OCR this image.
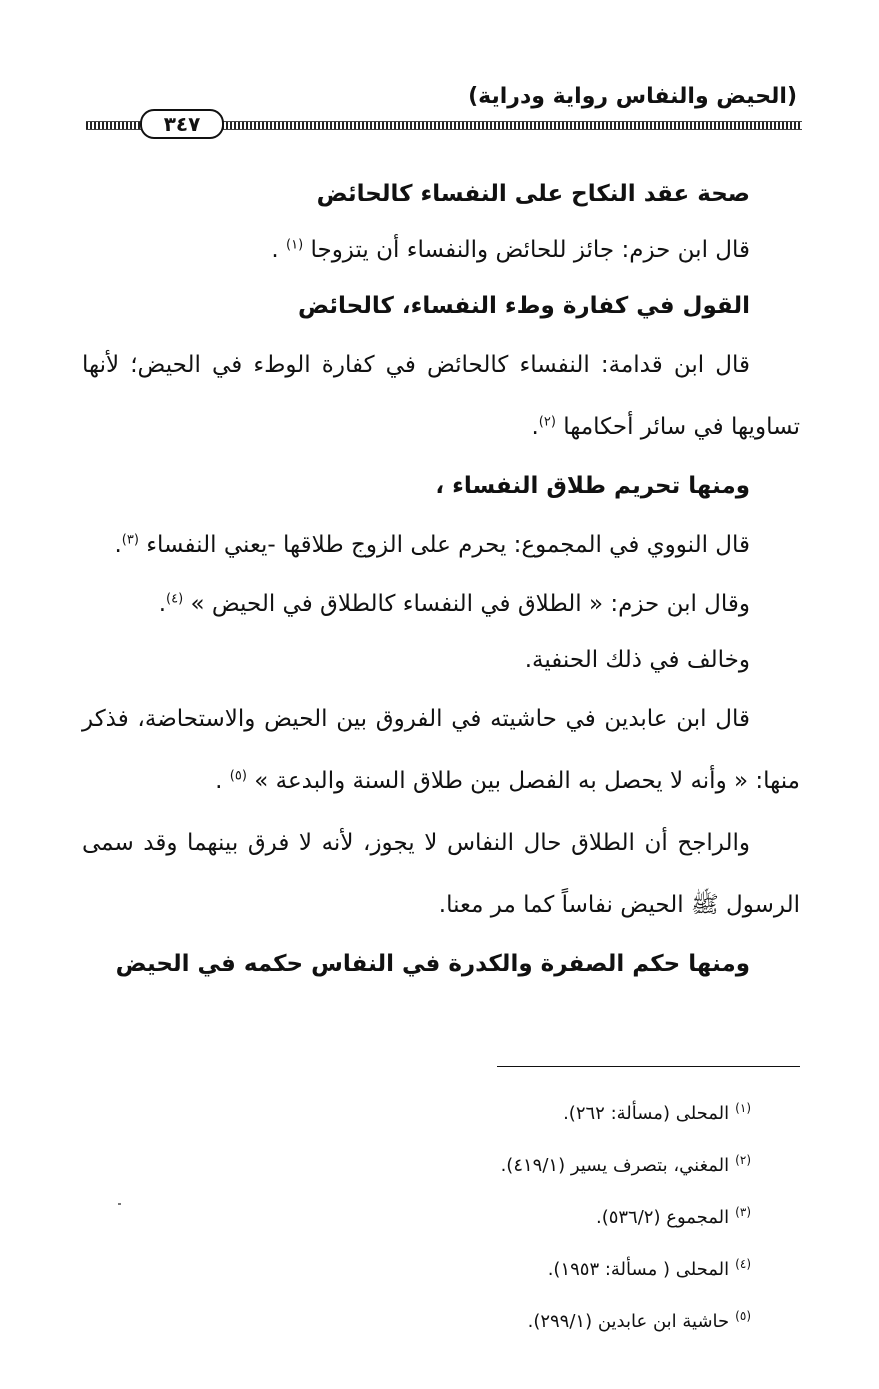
(الحيض والنفاس رواية ودراية)
٣٤٧
صحة عقد النكاح على النفساء كالحائض
قال ابن حزم: جائز للحائض والنفساء أن يتزوجا $^{(١)}$ .
القول في كفارة وطء النفساء، كالحائض
قال ابن قدامة: النفساء كالحائض في كفارة الوطء في الحيض؛ لأنها تساويها في سائر أحكامها $^{(٢)}$.
ومنها تحريم طلاق النفساء ،
قال النووي في المجموع: يحرم على الزوج طلاقها -يعني النفساء $^{(٣)}$.
وقال ابن حزم: « الطلاق في النفساء كالطلاق في الحيض » $^{(٤)}$.
وخالف في ذلك الحنفية.
قال ابن عابدين في حاشيته في الفروق بين الحيض والاستحاضة، فذكر منها: « وأنه لا يحصل به الفصل بين طلاق السنة والبدعة » $^{(٥)}$ .
والراجح أن الطلاق حال النفاس لا يجوز، لأنه لا فرق بينهما وقد سمى الرسول ﷺ الحيض نفاساً كما مر معنا.
ومنها حكم الصفرة والكدرة في النفاس حكمه في الحيض
$^{(١)}$المحلى (مسألة: ٢٦٢).
$^{(٢)}$المغني، بتصرف يسير (٤١٩/١).
$^{(٣)}$المجموع (٥٣٦/٢).
$^{(٤)}$المحلى ( مسألة: ١٩٥٣).
$^{(٥)}$حاشية ابن عابدين (٢٩٩/١).
